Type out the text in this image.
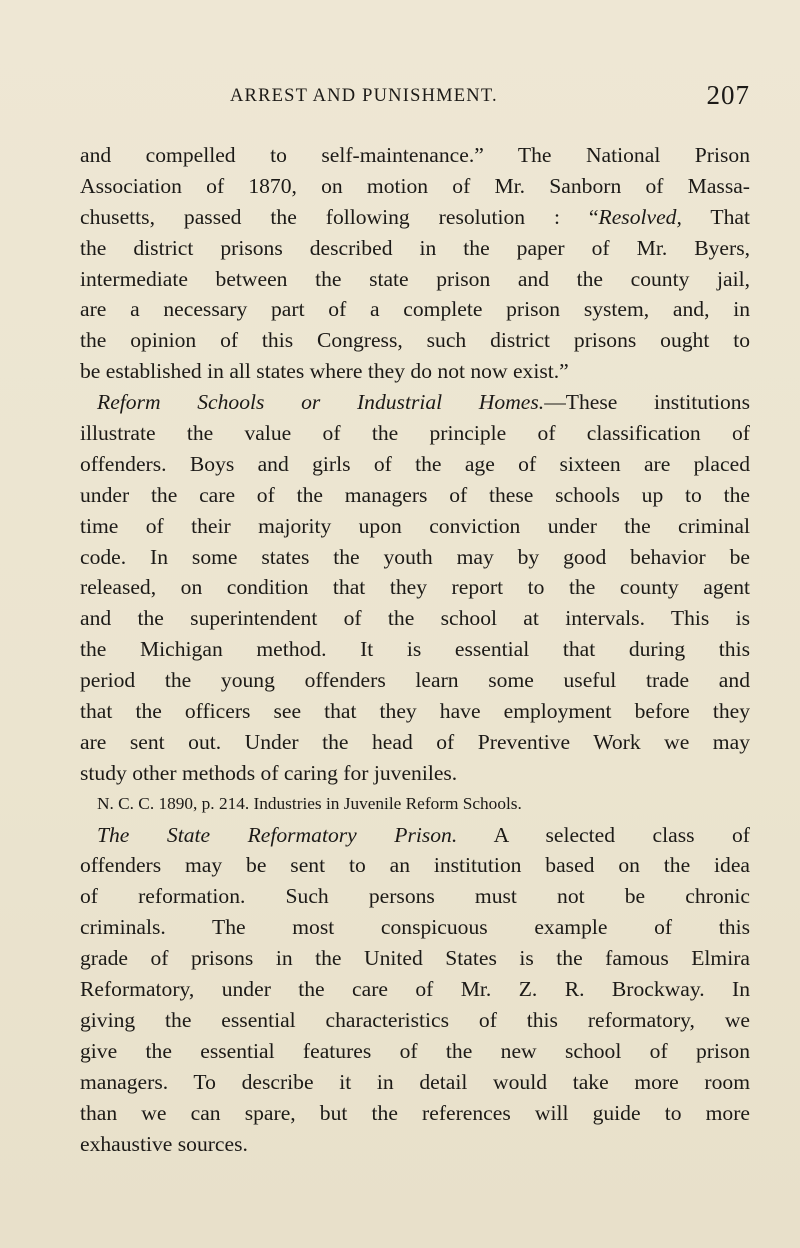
ARREST AND PUNISHMENT.	207
and compelled to self-maintenance.” The National Prison
Association of 1870, on motion of Mr. Sanborn of Massa-
chusetts, passed the following resolution : “Resolved, That
the district prisons described in the paper of Mr. Byers,
intermediate between the state prison and the county jail,
are a necessary part of a complete prison system, and, in
the opinion of this Congress, such district prisons ought to
be established in all states where they do not now exist.”
Reform Schools or Industrial Homes.—These institutions
illustrate the value of the principle of classification of
offenders. Boys and girls of the age of sixteen are placed
under the care of the managers of these schools up to the
time of their majority upon conviction under the criminal
code. In some states the youth may by good behavior be
released, on condition that they report to the county agent
and the superintendent of the school at intervals. This is
the Michigan method. It is essential that during this
period the young offenders learn some useful trade and
that the officers see that they have employment before they
are sent out. Under the head of Preventive Work we may
study other methods of caring for juveniles.
N. C. C. 1890, p. 214. Industries in Juvenile Reform Schools.
The State Reformatory Prison. A selected class of
offenders may be sent to an institution based on the idea
of reformation. Such persons must not be chronic
criminals. The most conspicuous example of this
grade of prisons in the United States is the famous Elmira
Reformatory, under the care of Mr. Z. R. Brockway. In
giving the essential characteristics of this reformatory, we
give the essential features of the new school of prison
managers. To describe it in detail would take more room
than we can spare, but the references will guide to more
exhaustive sources.
